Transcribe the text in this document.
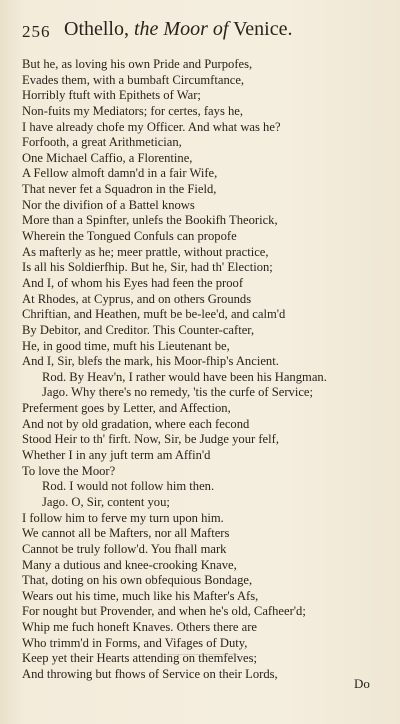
256 Othello, the Moor of Venice.
But he, as loving his own Pride and Purpofes,
Evades them, with a bumbaft Circumftance,
Horribly ftuft with Epithets of War;
Non-fuits my Mediators; for certes, fays he,
I have already chofe my Officer. And what was he?
Forfooth, a great Arithmetician,
One Michael Caffio, a Florentine,
A Fellow almoft damn'd in a fair Wife,
That never fet a Squadron in the Field,
Nor the divifion of a Battel knows
More than a Spinfter, unlefs the Bookifh Theorick,
Wherein the Tongued Confuls can propofe
As mafterly as he; meer prattle, without practice,
Is all his Soldierfhip. But he, Sir, had th' Election;
And I, of whom his Eyes had feen the proof
At Rhodes, at Cyprus, and on others Grounds
Chriftian, and Heathen, muft be be-lee'd, and calm'd
By Debitor, and Creditor. This Counter-cafter,
He, in good time, muft his Lieutenant be,
And I, Sir, blefs the mark, his Moor-fhip's Ancient.
Rod. By Heav'n, I rather would have been his Hangman.
Jago. Why there's no remedy, 'tis the curfe of Service;
Preferment goes by Letter, and Affection,
And not by old gradation, where each fecond
Stood Heir to th' firft. Now, Sir, be Judge your felf,
Whether I in any juft term am Affin'd
To love the Moor?
Rod. I would not follow him then.
Jago. O, Sir, content you;
I follow him to ferve my turn upon him.
We cannot all be Mafters, nor all Mafters
Cannot be truly follow'd. You fhall mark
Many a dutious and knee-crooking Knave,
That, doting on his own obfequious Bondage,
Wears out his time, much like his Mafter's Afs,
For nought but Provender, and when he's old, Cafheer'd;
Whip me fuch honeft Knaves. Others there are
Who trimm'd in Forms, and Vifages of Duty,
Keep yet their Hearts attending on themfelves;
And throwing but fhows of Service on their Lords,
Do
